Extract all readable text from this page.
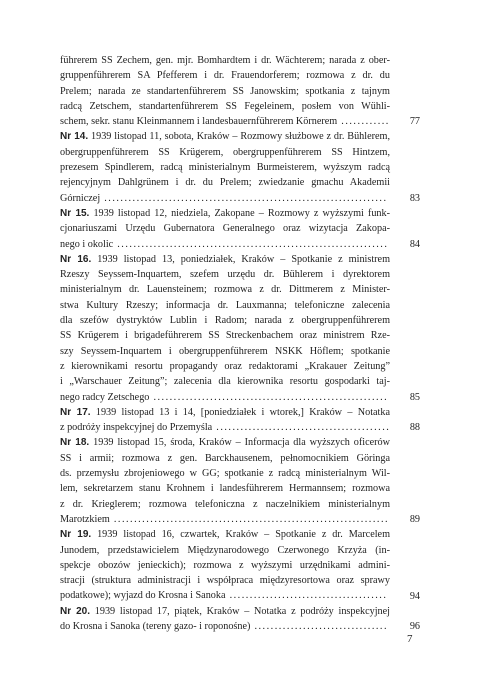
führerem SS Zechem, gen. mjr. Bomhardtem i dr. Wächterem; narada z ober-
gruppenführerem SA Pfefferem i dr. Frauendorferem; rozmowa z dr. du
Prelem; narada ze standartenführerem SS Janowskim; spotkania z tajnym
radcą Zetschem, standartenführerem SS Fegeleinem, posłem von Wühli-
schem, sekr. stanu Kleinmannem i landesbauernführerem Körnerem ............
Nr 14. 1939 listopad 11, sobota, Kraków – Rozmowy służbowe z dr. Bühlerem,
obergruppenführerem SS Krügerem, obergruppenführerem SS Hintzem,
prezesem Spindlerem, radcą ministerialnym Burmeisterem, wyższym radcą
rejencyjnym Dahlgrünem i dr. du Prelem; zwiedzanie gmachu Akademii
Górniczej ......................................................................
Nr 15. 1939 listopad 12, niedziela, Zakopane – Rozmowy z wyższymi funk-
cjonariuszami Urzędu Gubernatora Generalnego oraz wizytacja Zakopa-
nego i okolic ...................................................................
Nr 16. 1939 listopad 13, poniedziałek, Kraków – Spotkanie z ministrem
Rzeszy Seyssem-Inquartem, szefem urzędu dr. Bühlerem i dyrektorem
ministerialnym dr. Lauensteinem; rozmowa z dr. Dittmerem z Minister-
stwa Kultury Rzeszy; informacja dr. Lauxmanna; telefoniczne zalecenia
dla szefów dystryktów Lublin i Radom; narada z obergruppenführerem
SS Krügerem i brigadeführerem SS Streckenbachem oraz ministrem Rze-
szy Seyssem-Inquartem i obergruppenführerem NSKK Höflem; spotkanie
z kierownikami resortu propagandy oraz redaktorami „Krakauer Zeitung”
i „Warschauer Zeitung”; zalecenia dla kierownika resortu gospodarki taj-
nego radcy Zetschego ..........................................................
Nr 17. 1939 listopad 13 i 14, [poniedziałek i wtorek,] Kraków – Notatka
z podróży inspekcyjnej do Przemyśla ...........................................
Nr 18. 1939 listopad 15, środa, Kraków – Informacja dla wyższych oficerów
SS i armii; rozmowa z gen. Barckhausenem, pełnomocnikiem Göringa
ds. przemysłu zbrojeniowego w GG; spotkanie z radcą ministerialnym Wil-
lem, sekretarzem stanu Krohnem i landesführerem Hermannsem; rozmowa
z dr. Krieglerem; rozmowa telefoniczna z naczelnikiem ministerialnym
Marotzkiem ....................................................................
Nr 19. 1939 listopad 16, czwartek, Kraków – Spotkanie z dr. Marcelem
Junodem, przedstawicielem Międzynarodowego Czerwonego Krzyża (in-
spekcje obozów jenieckich); rozmowa z wyższymi urzędnikami admini-
stracji (struktura administracji i współpraca międzyresortowa oraz sprawy
podatkowe); wyjazd do Krosna i Sanoka .......................................
Nr 20. 1939 listopad 17, piątek, Kraków – Notatka z podróży inspekcyjnej
do Krosna i Sanoka (tereny gazo- i roponośne) .................................
77
83
84
85
88
89
94
96
7
